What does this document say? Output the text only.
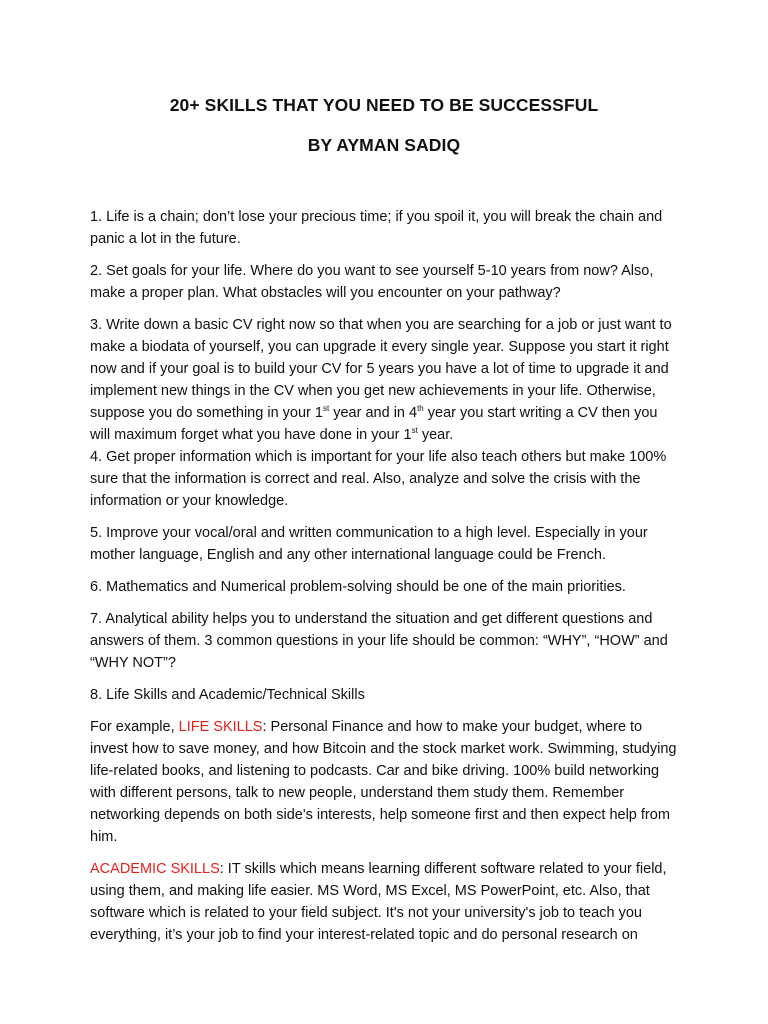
20+ SKILLS THAT YOU NEED TO BE SUCCESSFUL
BY AYMAN SADIQ

1. Life is a chain; don’t lose your precious time; if you spoil it, you will break the chain and panic a lot in the future.

2. Set goals for your life. Where do you want to see yourself 5-10 years from now? Also, make a proper plan. What obstacles will you encounter on your pathway?

3. Write down a basic CV right now so that when you are searching for a job or just want to make a biodata of yourself, you can upgrade it every single year. Suppose you start it right now and if your goal is to build your CV for 5 years you have a lot of time to upgrade it and implement new things in the CV when you get new achievements in your life. Otherwise, suppose you do something in your 1st year and in 4th year you start writing a CV then you will maximum forget what you have done in your 1st year.

4. Get proper information which is important for your life also teach others but make 100% sure that the information is correct and real. Also, analyze and solve the crisis with the information or your knowledge.

5. Improve your vocal/oral and written communication to a high level. Especially in your mother language, English and any other international language could be French.

6. Mathematics and Numerical problem-solving should be one of the main priorities.

7. Analytical ability helps you to understand the situation and get different questions and answers of them. 3 common questions in your life should be common: “WHY”, “HOW” and “WHY NOT”?

8. Life Skills and Academic/Technical Skills

For example, LIFE SKILLS: Personal Finance and how to make your budget, where to invest how to save money, and how Bitcoin and the stock market work. Swimming, studying life-related books, and listening to podcasts. Car and bike driving. 100% build networking with different persons, talk to new people, understand them study them. Remember networking depends on both side's interests, help someone first and then expect help from him.

ACADEMIC SKILLS: IT skills which means learning different software related to your field, using them, and making life easier. MS Word, MS Excel, MS PowerPoint, etc. Also, that software which is related to your field subject. It's not your university's job to teach you everything, it’s your job to find your interest-related topic and do personal research on
